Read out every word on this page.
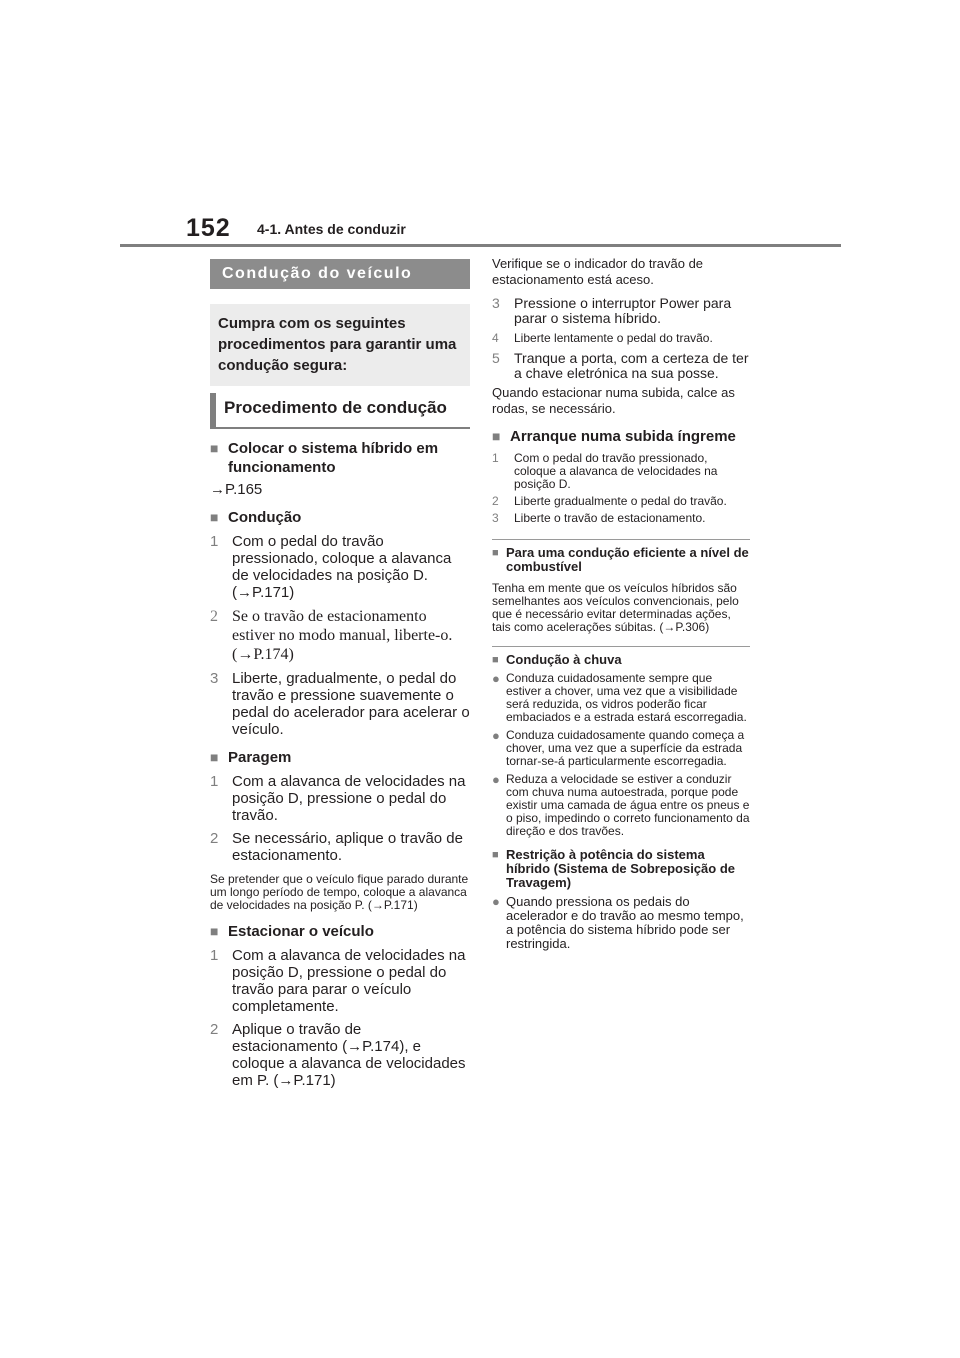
152 4-1. Antes de conduzir
Condução do veículo
Cumpra com os seguintes procedimentos para garantir uma condução segura:
Procedimento de condução
■ Colocar o sistema híbrido em funcionamento
→P.165
■ Condução
1 Com o pedal do travão pressionado, coloque a alavanca de velocidades na posição D. (→P.171)
2 Se o travão de estacionamento estiver no modo manual, liberte-o. (→P.174)
3 Liberte, gradualmente, o pedal do travão e pressione suavemente o pedal do acelerador para acelerar o veículo.
■ Paragem
1 Com a alavanca de velocidades na posição D, pressione o pedal do travão.
2 Se necessário, aplique o travão de estacionamento.
Se pretender que o veículo fique parado durante um longo período de tempo, coloque a alavanca de velocidades na posição P. (→P.171)
■ Estacionar o veículo
1 Com a alavanca de velocidades na posição D, pressione o pedal do travão para parar o veículo completamente.
2 Aplique o travão de estacionamento (→P.174), e coloque a alavanca de velocidades em P. (→P.171)
Verifique se o indicador do travão de estacionamento está aceso.
3	Pressione o interruptor Power para parar o sistema híbrido.
4	Liberte lentamente o pedal do travão.
5	Tranque a porta, com a certeza de ter a chave eletrónica na sua posse.
Quando estacionar numa subida, calce as rodas, se necessário.
■ Arranque numa subida íngreme
1	Com o pedal do travão pressionado, coloque a alavanca de velocidades na posição D.
2	Liberte gradualmente o pedal do travão.
3	Liberte o travão de estacionamento.
■ Para uma condução eficiente a nível de combustível
Tenha em mente que os veículos híbridos são semelhantes aos veículos convencionais, pelo que é necessário evitar determinadas ações, tais como acelerações súbitas. (→P.306)
■ Condução à chuva
● Conduza cuidadosamente sempre que estiver a chover, uma vez que a visibilidade será reduzida, os vidros poderão ficar embaciados e a estrada estará escorregadia.
● Conduza cuidadosamente quando começa a chover, uma vez que a superfície da estrada tornar-se-á particularmente escorregadia.
● Reduza a velocidade se estiver a conduzir com chuva numa autoestrada, porque pode existir uma camada de água entre os pneus e o piso, impedindo o correto funcionamento da direção e dos travões.
■ Restrição à potência do sistema híbrido (Sistema de Sobreposição de Travagem)
● Quando pressiona os pedais do acelerador e do travão ao mesmo tempo, a potência do sistema híbrido pode ser restringida.
